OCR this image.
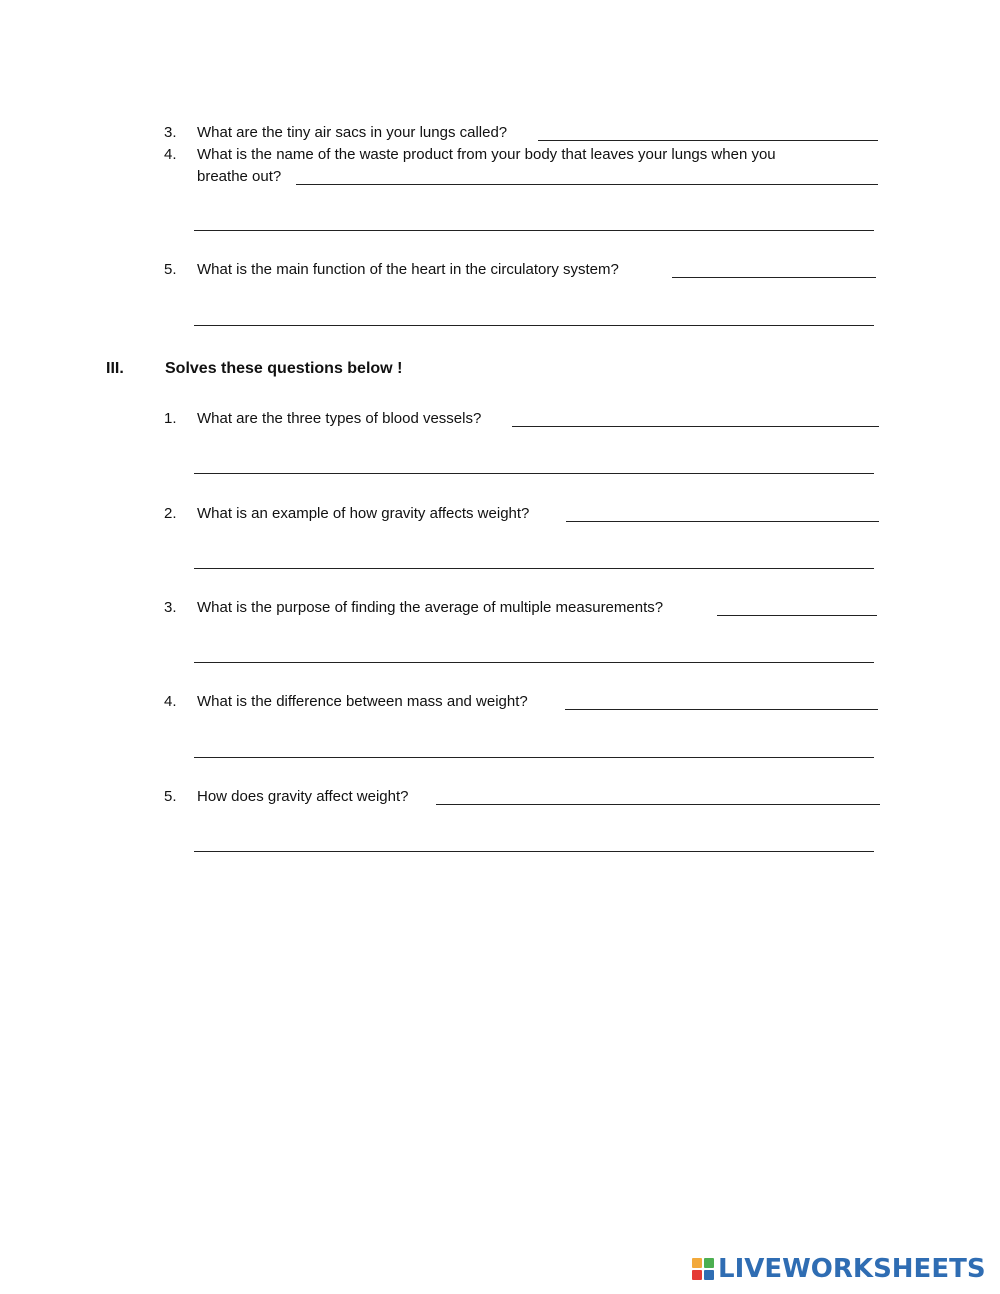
3. What are the tiny air sacs in your lungs called?
4. What is the name of the waste product from your body that leaves your lungs when you
breathe out?
5. What is the main function of the heart in the circulatory system?
III.	Solves these questions below !
1. What are the three types of blood vessels?
2. What is an example of how gravity affects weight?
3. What is the purpose of finding the average of multiple measurements?
4. What is the difference between mass and weight?
5. How does gravity affect weight?
LIVEWORKSHEETS
